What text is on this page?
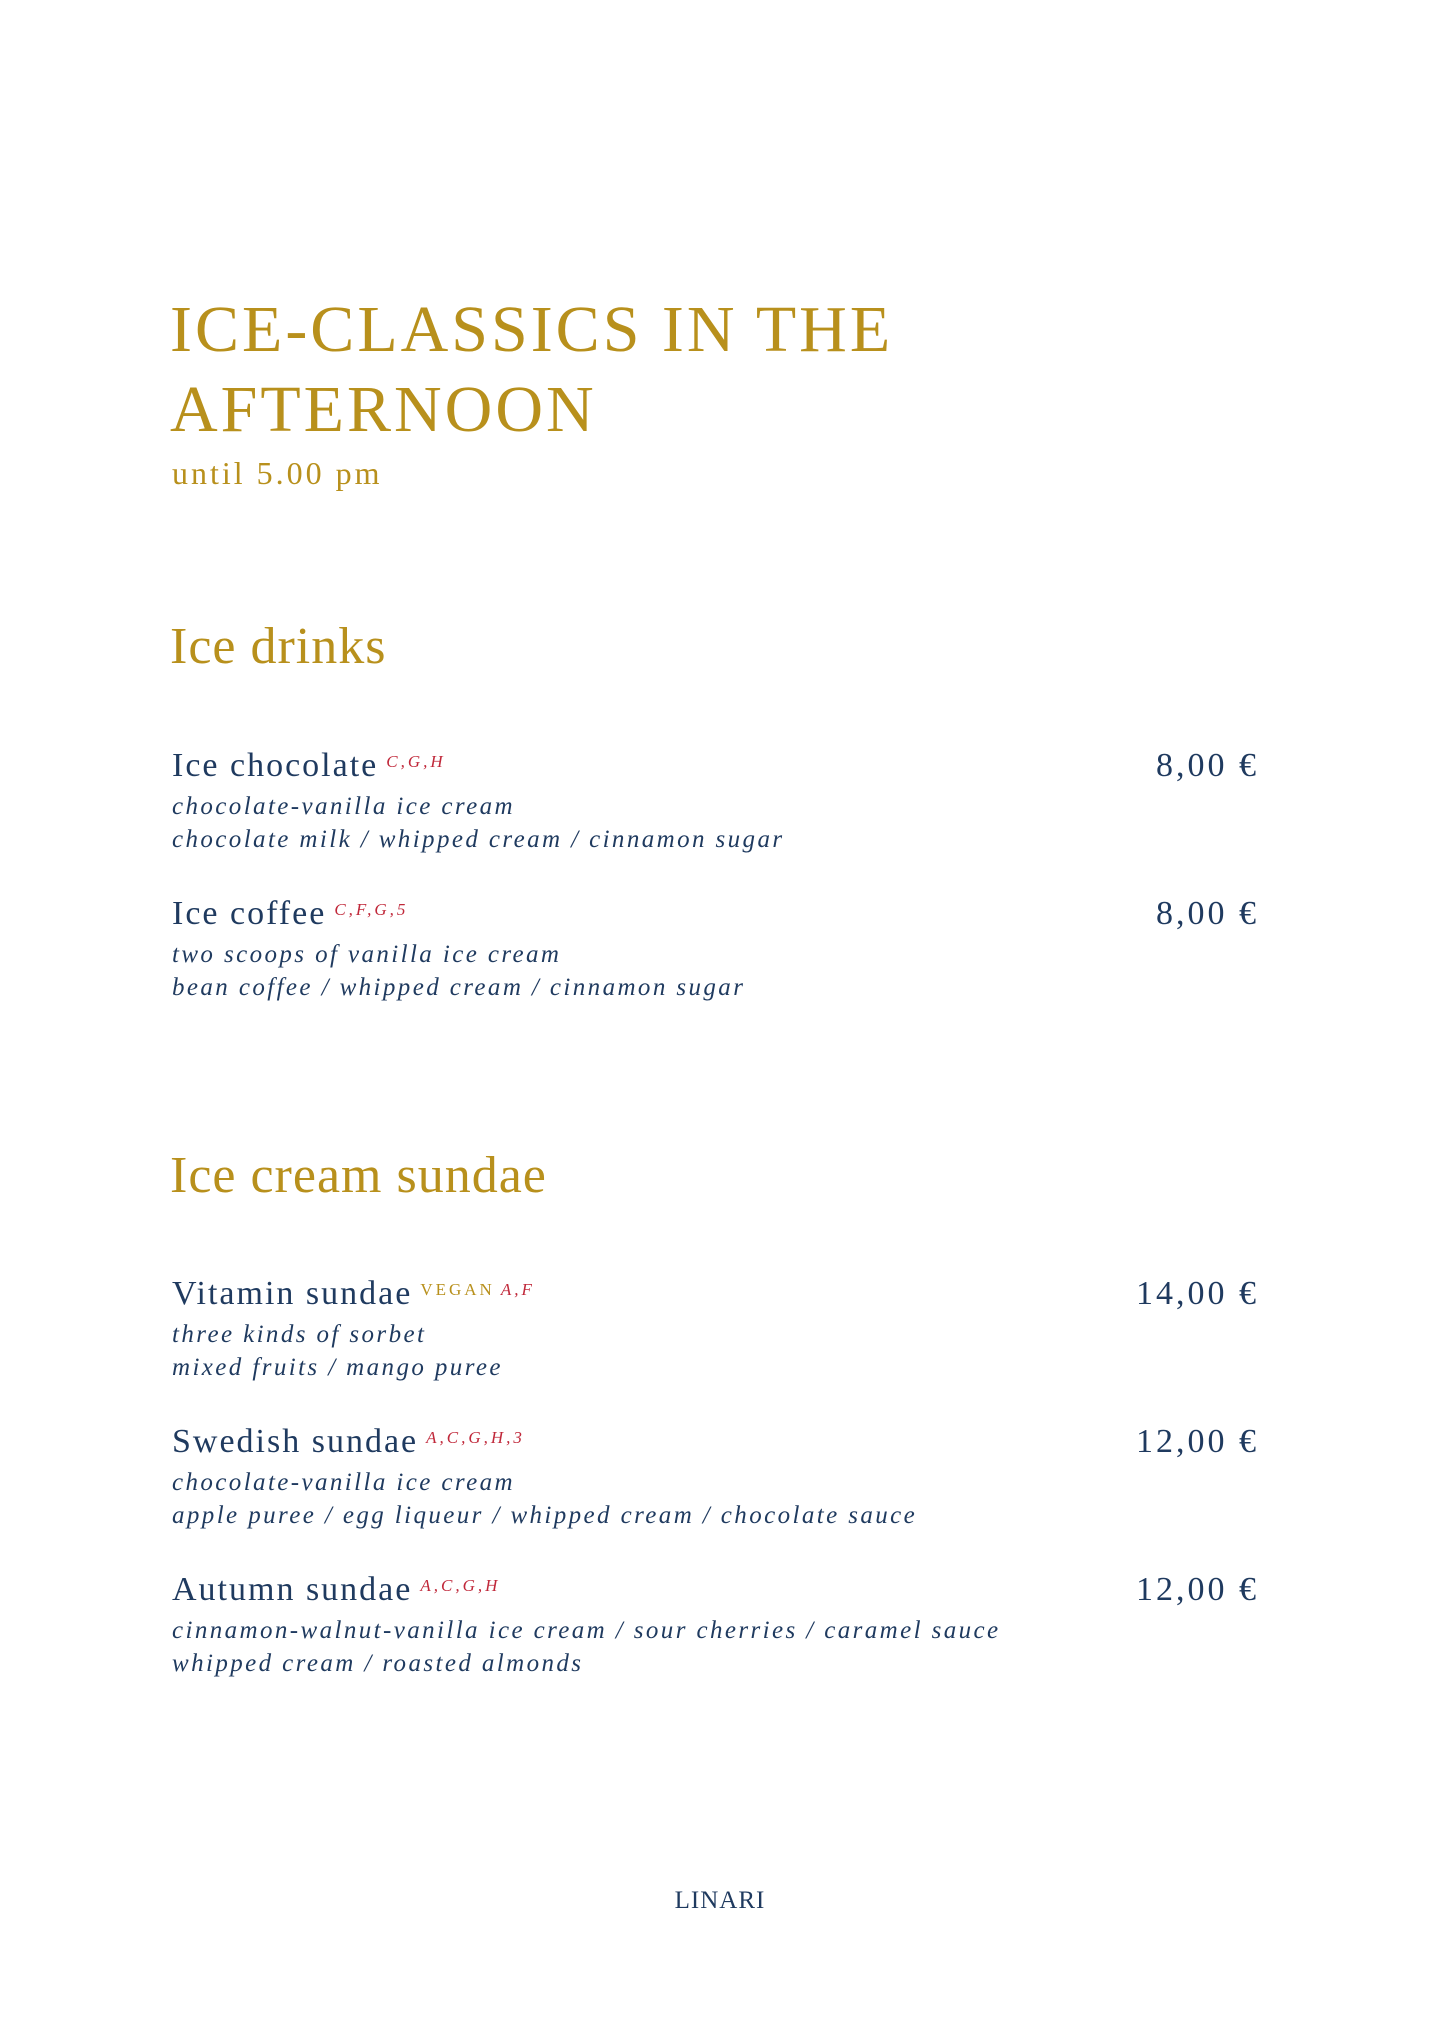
ICE-CLASSICS IN THE AFTERNOON

until 5.00 pm

Ice drinks

Ice chocolate $^{C,G,H}$	8,00 €

chocolate-vanilla ice cream
chocolate milk / whipped cream / cinnamon sugar

Ice coffee $^{C,F,G,5}$	8,00 €

two scoops of vanilla ice cream
bean coffee / whipped cream / cinnamon sugar

Ice cream sundae

Vitamin sundae $^{VEGAN}$ $^{A,F}$	14,00 €

three kinds of sorbet
mixed fruits / mango puree

Swedish sundae $^{A,C,G,H,3}$	12,00 €

chocolate-vanilla ice cream
apple puree / egg liqueur / whipped cream / chocolate sauce

Autumn sundae $^{A,C,G,H}$	12,00 €

cinnamon-walnut-vanilla ice cream / sour cherries / caramel sauce
whipped cream / roasted almonds

LINARI
